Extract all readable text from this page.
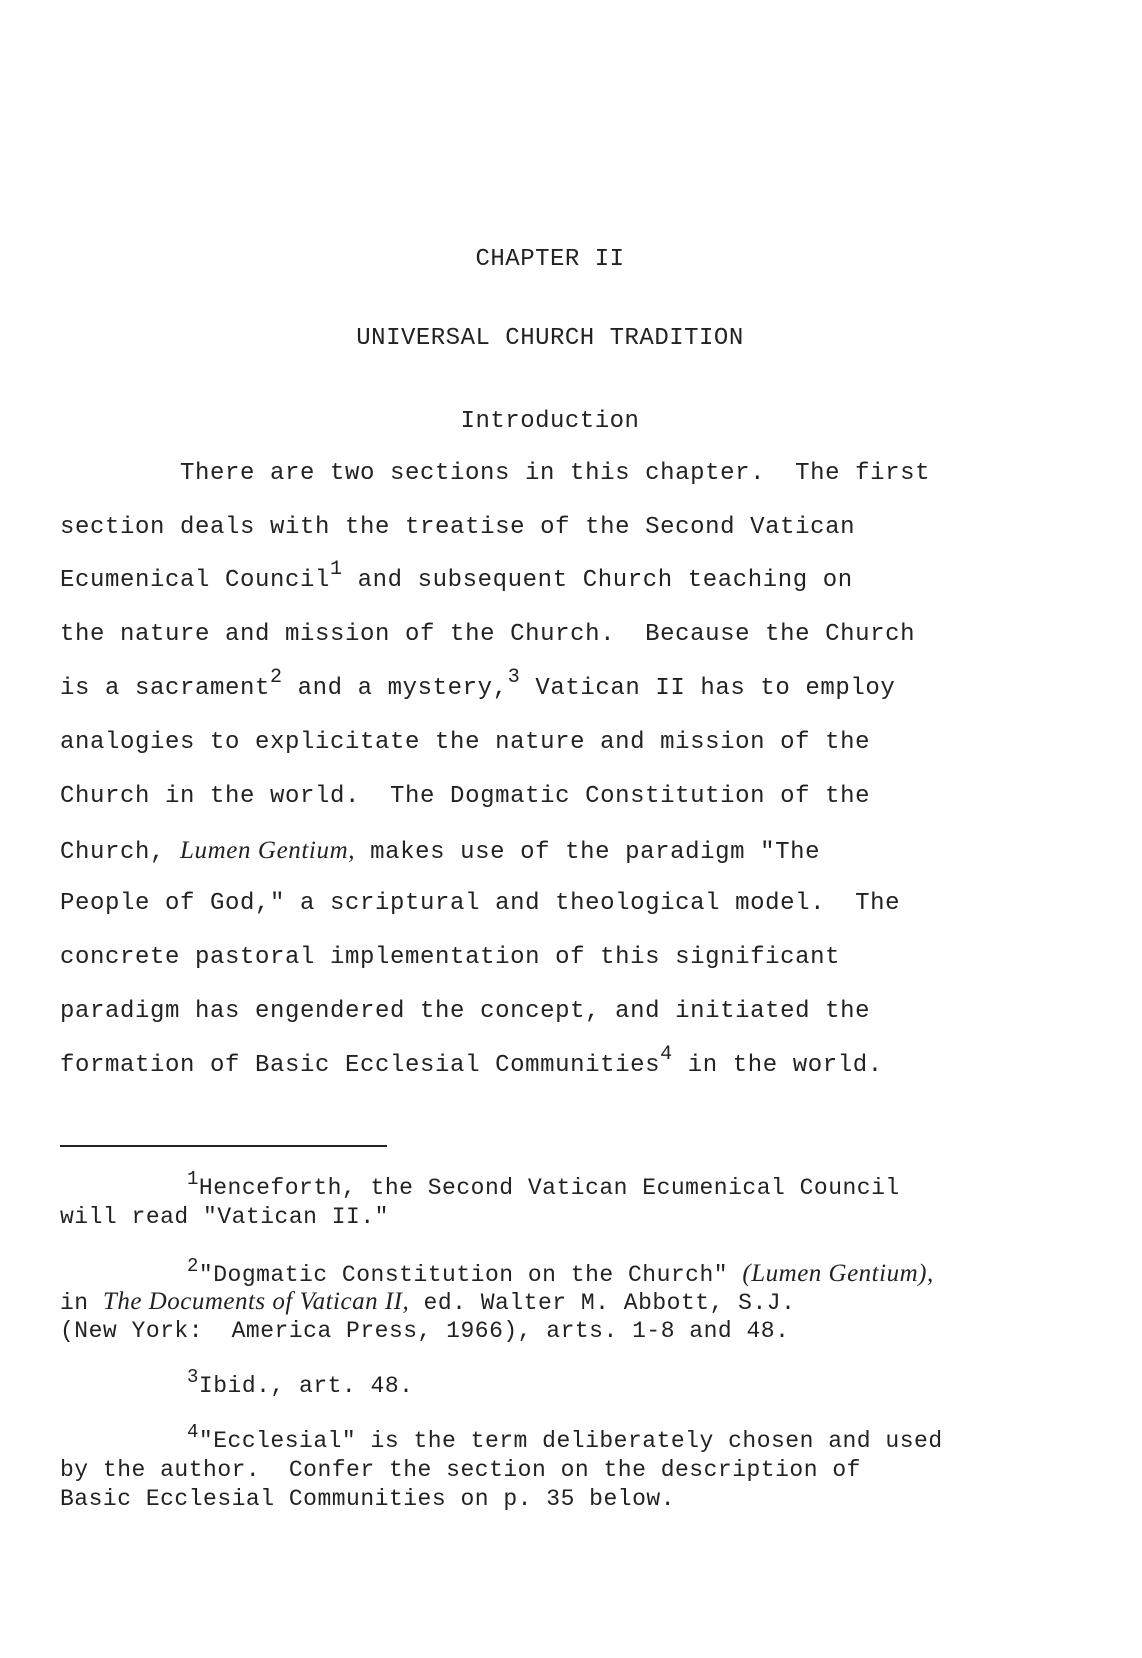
CHAPTER II
UNIVERSAL CHURCH TRADITION
Introduction
There are two sections in this chapter.  The first
section deals with the treatise of the Second Vatican
Ecumenical Council$^1$ and subsequent Church teaching on
the nature and mission of the Church.  Because the Church
is a sacrament$^2$ and a mystery,$^3$ Vatican II has to employ
analogies to explicitate the nature and mission of the
Church in the world.  The Dogmatic Constitution of the
Church, Lumen Gentium, makes use of the paradigm "The
People of God," a scriptural and theological model.  The
concrete pastoral implementation of this significant
paradigm has engendered the concept, and initiated the
formation of Basic Ecclesial Communities$^4$ in the world.
$^1$Henceforth, the Second Vatican Ecumenical Council
will read "Vatican II."
$^2$"Dogmatic Constitution on the Church" (Lumen Gentium),
in The Documents of Vatican II, ed. Walter M. Abbott, S.J.
(New York:  America Press, 1966), arts. 1-8 and 48.
$^3$Ibid., art. 48.
$^4$"Ecclesial" is the term deliberately chosen and used
by the author.  Confer the section on the description of
Basic Ecclesial Communities on p. 35 below.
